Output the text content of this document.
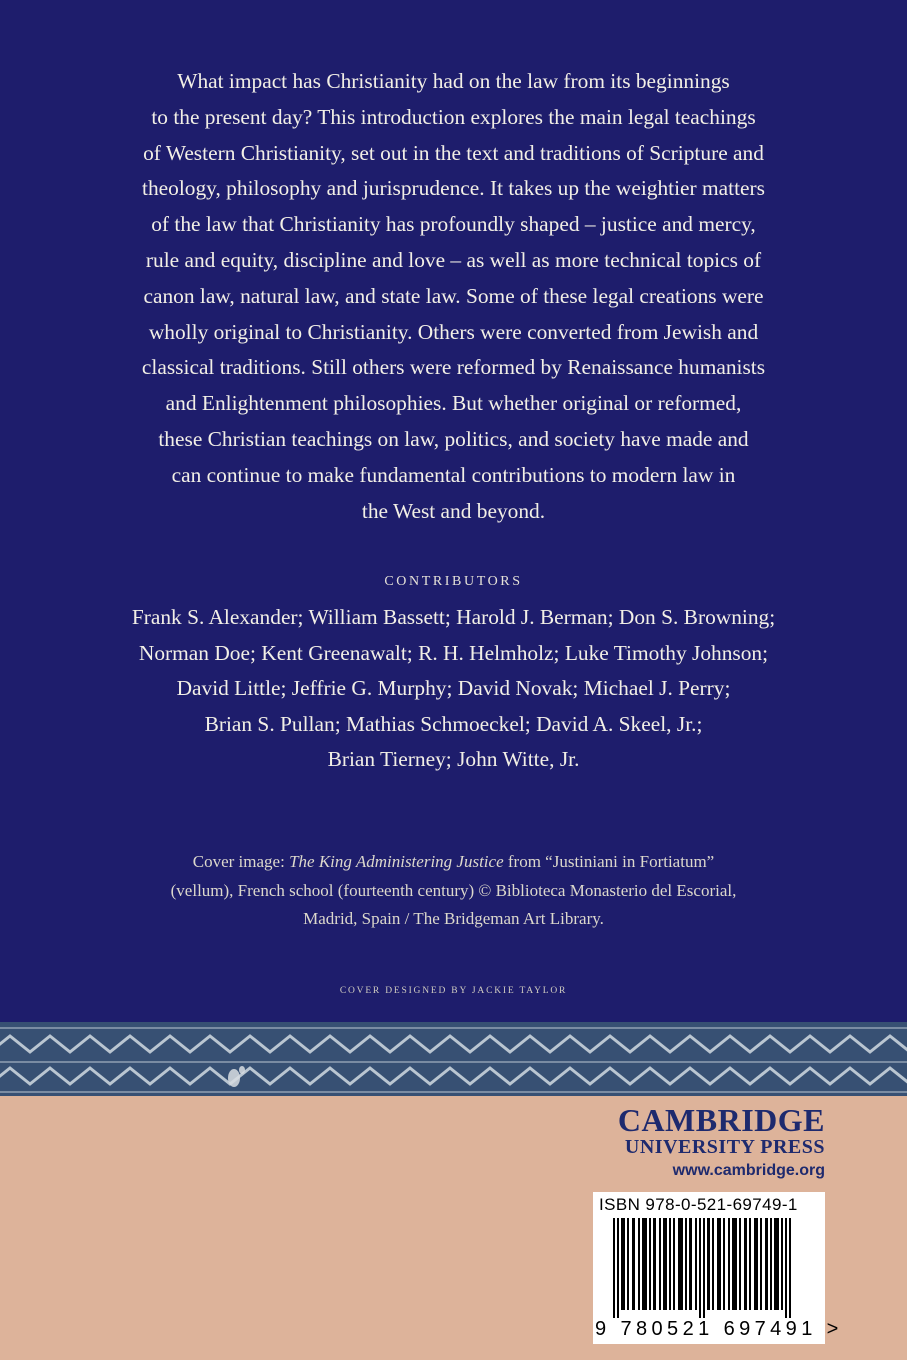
What impact has Christianity had on the law from its beginnings
to the present day? This introduction explores the main legal teachings
of Western Christianity, set out in the text and traditions of Scripture and
theology, philosophy and jurisprudence. It takes up the weightier matters
of the law that Christianity has profoundly shaped – justice and mercy,
rule and equity, discipline and love – as well as more technical topics of
canon law, natural law, and state law. Some of these legal creations were
wholly original to Christianity. Others were converted from Jewish and
classical traditions. Still others were reformed by Renaissance humanists
and Enlightenment philosophies. But whether original or reformed,
these Christian teachings on law, politics, and society have made and
can continue to make fundamental contributions to modern law in
the West and beyond.
CONTRIBUTORS
Frank S. Alexander; William Bassett; Harold J. Berman; Don S. Browning;
Norman Doe; Kent Greenawalt; R. H. Helmholz; Luke Timothy Johnson;
David Little; Jeffrie G. Murphy; David Novak; Michael J. Perry;
Brian S. Pullan; Mathias Schmoeckel; David A. Skeel, Jr.;
Brian Tierney; John Witte, Jr.
Cover image: The King Administering Justice from “Justiniani in Fortiatum”
(vellum), French school (fourteenth century) © Biblioteca Monasterio del Escorial,
Madrid, Spain / The Bridgeman Art Library.
COVER DESIGNED BY JACKIE TAYLOR
CAMBRIDGE
UNIVERSITY PRESS
www.cambridge.org
ISBN 978-0-521-69749-1
9 780521 697491 >
